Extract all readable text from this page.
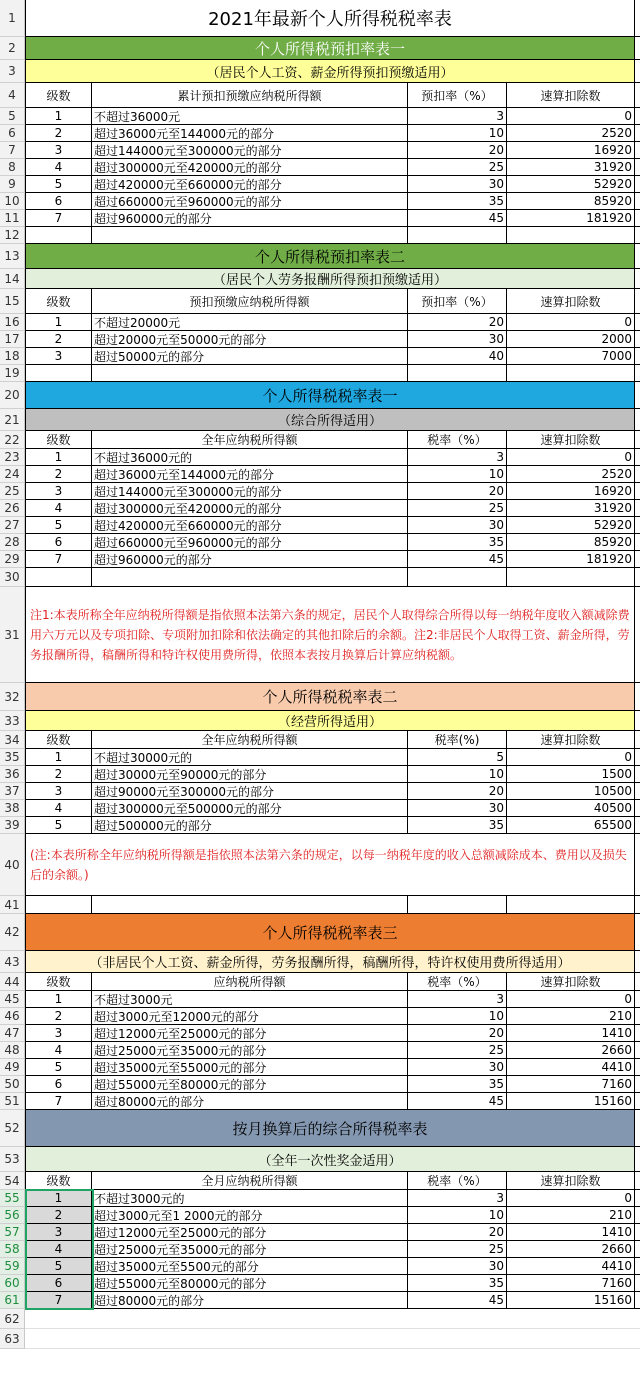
1	2021年最新个人所得税税率表
2	个人所得税预扣率表一
3	（居民个人工资、薪金所得预扣预缴适用）
4	级数	累计预扣预缴应纳税所得额	预扣率（%）	速算扣除数
5	1	不超过36000元	3	0
6	2	超过36000元至144000元的部分	10	2520
7	3	超过144000元至300000元的部分	20	16920
8	4	超过300000元至420000元的部分	25	31920
9	5	超过420000元至660000元的部分	30	52920
10	6	超过660000元至960000元的部分	35	85920
11	7	超过960000元的部分	45	181920
12
13	个人所得税预扣率表二
14	（居民个人劳务报酬所得预扣预缴适用）
15	级数	预扣预缴应纳税所得额	预扣率（%）	速算扣除数
16	1	不超过20000元	20	0
17	2	超过20000元至50000元的部分	30	2000
18	3	超过50000元的部分	40	7000
19
20	个人所得税税率表一
21	（综合所得适用）
22	级数	全年应纳税所得额	税率（%）	速算扣除数
23	1	不超过36000元的	3	0
24	2	超过36000元至144000元的部分	10	2520
25	3	超过144000元至300000元的部分	20	16920
26	4	超过300000元至420000元的部分	25	31920
27	5	超过420000元至660000元的部分	30	52920
28	6	超过660000元至960000元的部分	35	85920
29	7	超过960000元的部分	45	181920
30
31
注1:本表所称全年应纳税所得额是指依照本法第六条的规定，居民个人取得综合所得以每一纳税年度收入额减除费用六万元以及专项扣除、专项附加扣除和依法确定的其他扣除后的余额。注2:非居民个人取得工资、薪金所得，劳务报酬所得，稿酬所得和特许权使用费所得，依照本表按月换算后计算应纳税额。
32	个人所得税税率表二
33	（经营所得适用）
34	级数	全年应纳税所得额	税率(%)	速算扣除数
35	1	不超过30000元的	5	0
36	2	超过30000元至90000元的部分	10	1500
37	3	超过90000元至300000元的部分	20	10500
38	4	超过300000元至500000元的部分	30	40500
39	5	超过500000元的部分	35	65500
40
(注:本表所称全年应纳税所得额是指依照本法第六条的规定，以每一纳税年度的收入总额减除成本、费用以及损失后的余额。)
41
42	个人所得税税率表三
43	（非居民个人工资、薪金所得，劳务报酬所得，稿酬所得，特许权使用费所得适用）
44	级数	应纳税所得额	税率（%）	速算扣除数
45	1	不超过3000元	3	0
46	2	超过3000元至12000元的部分	10	210
47	3	超过12000元至25000元的部分	20	1410
48	4	超过25000元至35000元的部分	25	2660
49	5	超过35000元至55000元的部分	30	4410
50	6	超过55000元至80000元的部分	35	7160
51	7	超过80000元的部分	45	15160
52	按月换算后的综合所得税率表
53	（全年一次性奖金适用）
54	级数	全月应纳税所得额	税率（%）	速算扣除数
55	1	不超过3000元的	3	0
56	2	超过3000元至1 2000元的部分	10	210
57	3	超过12000元至25000元的部分	20	1410
58	4	超过25000元至35000元的部分	25	2660
59	5	超过35000元至5500元的部分	30	4410
60	6	超过55000元至80000元的部分	35	7160
61	7	超过80000元的部分	45	15160
62
63
